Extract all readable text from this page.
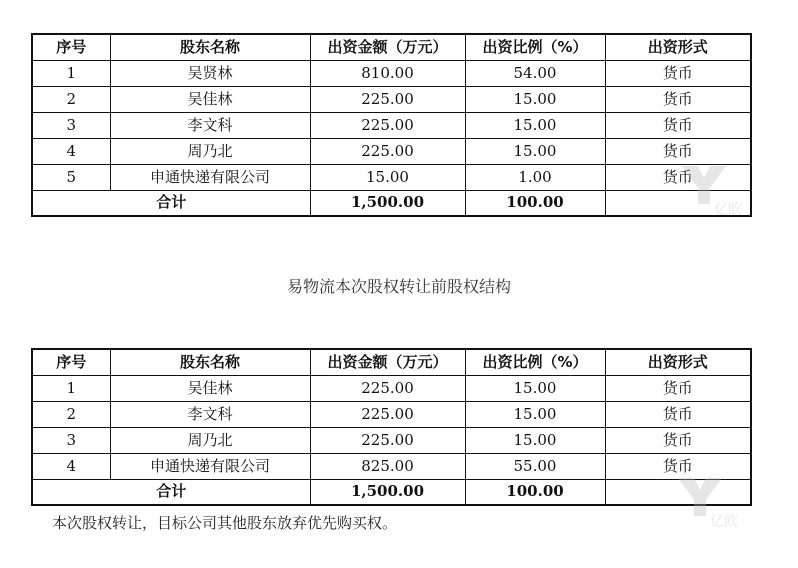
序号	股东名称	出资金额（万元）	出资比例（%）	出资形式
1	吴贤林	810.00	54.00	货币
2	吴佳林	225.00	15.00	货币
3	李文科	225.00	15.00	货币
4	周乃北	225.00	15.00	货币
5	申通快递有限公司	15.00	1.00	货币
合计		1,500.00	100.00		亿欧
易物流本次股权转让前股权结构
序号	股东名称	出资金额（万元）	出资比例（%）	出资形式
1	吴佳林	225.00	15.00	货币
2	李文科	225.00	15.00	货币
3	周乃北	225.00	15.00	货币
4	申通快递有限公司	825.00	55.00	货币
合计		1,500.00	100.00	
亿欧
本次股权转让，目标公司其他股东放弃优先购买权。
